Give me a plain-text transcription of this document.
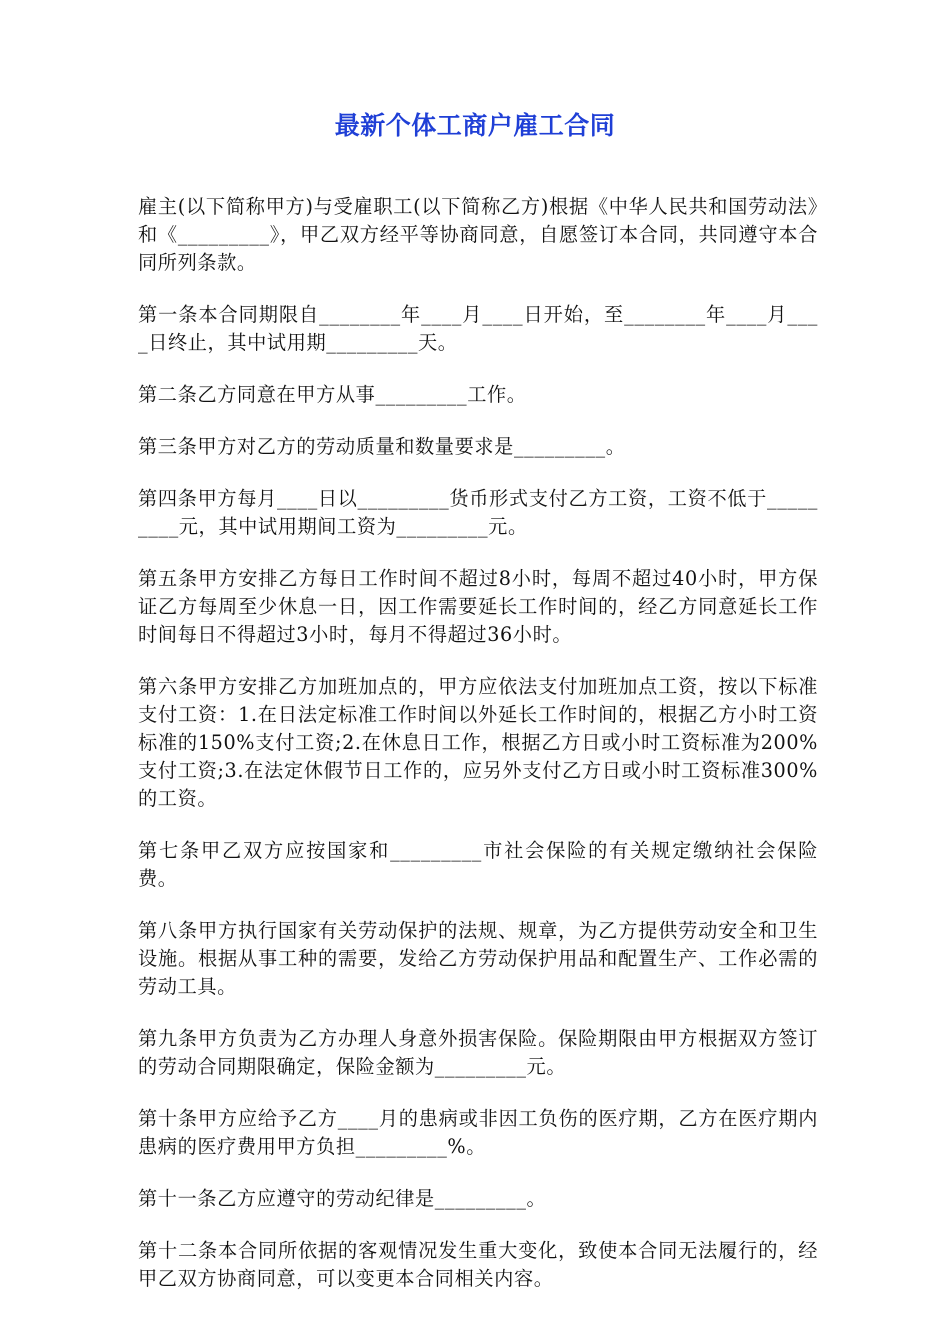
最新个体工商户雇工合同

雇主(以下简称甲方)与受雇职工(以下简称乙方)根据《中华人民共和国劳动法》和《_________》，甲乙双方经平等协商同意，自愿签订本合同，共同遵守本合同所列条款。

第一条本合同期限自________年____月____日开始，至________年____月____日终止，其中试用期_________天。

第二条乙方同意在甲方从事_________工作。

第三条甲方对乙方的劳动质量和数量要求是_________。

第四条甲方每月____日以_________货币形式支付乙方工资，工资不低于_________元，其中试用期间工资为_________元。

第五条甲方安排乙方每日工作时间不超过8小时，每周不超过40小时，甲方保证乙方每周至少休息一日，因工作需要延长工作时间的，经乙方同意延长工作时间每日不得超过3小时，每月不得超过36小时。

第六条甲方安排乙方加班加点的，甲方应依法支付加班加点工资，按以下标准支付工资：1.在日法定标准工作时间以外延长工作时间的，根据乙方小时工资标准的150%支付工资;2.在休息日工作，根据乙方日或小时工资标准为200%支付工资;3.在法定休假节日工作的，应另外支付乙方日或小时工资标准300%的工资。

第七条甲乙双方应按国家和_________市社会保险的有关规定缴纳社会保险费。

第八条甲方执行国家有关劳动保护的法规、规章，为乙方提供劳动安全和卫生设施。根据从事工种的需要，发给乙方劳动保护用品和配置生产、工作必需的劳动工具。

第九条甲方负责为乙方办理人身意外损害保险。保险期限由甲方根据双方签订的劳动合同期限确定，保险金额为_________元。

第十条甲方应给予乙方____月的患病或非因工负伤的医疗期，乙方在医疗期内患病的医疗费用甲方负担_________%。

第十一条乙方应遵守的劳动纪律是_________。

第十二条本合同所依据的客观情况发生重大变化，致使本合同无法履行的，经甲乙双方协商同意，可以变更本合同相关内容。
